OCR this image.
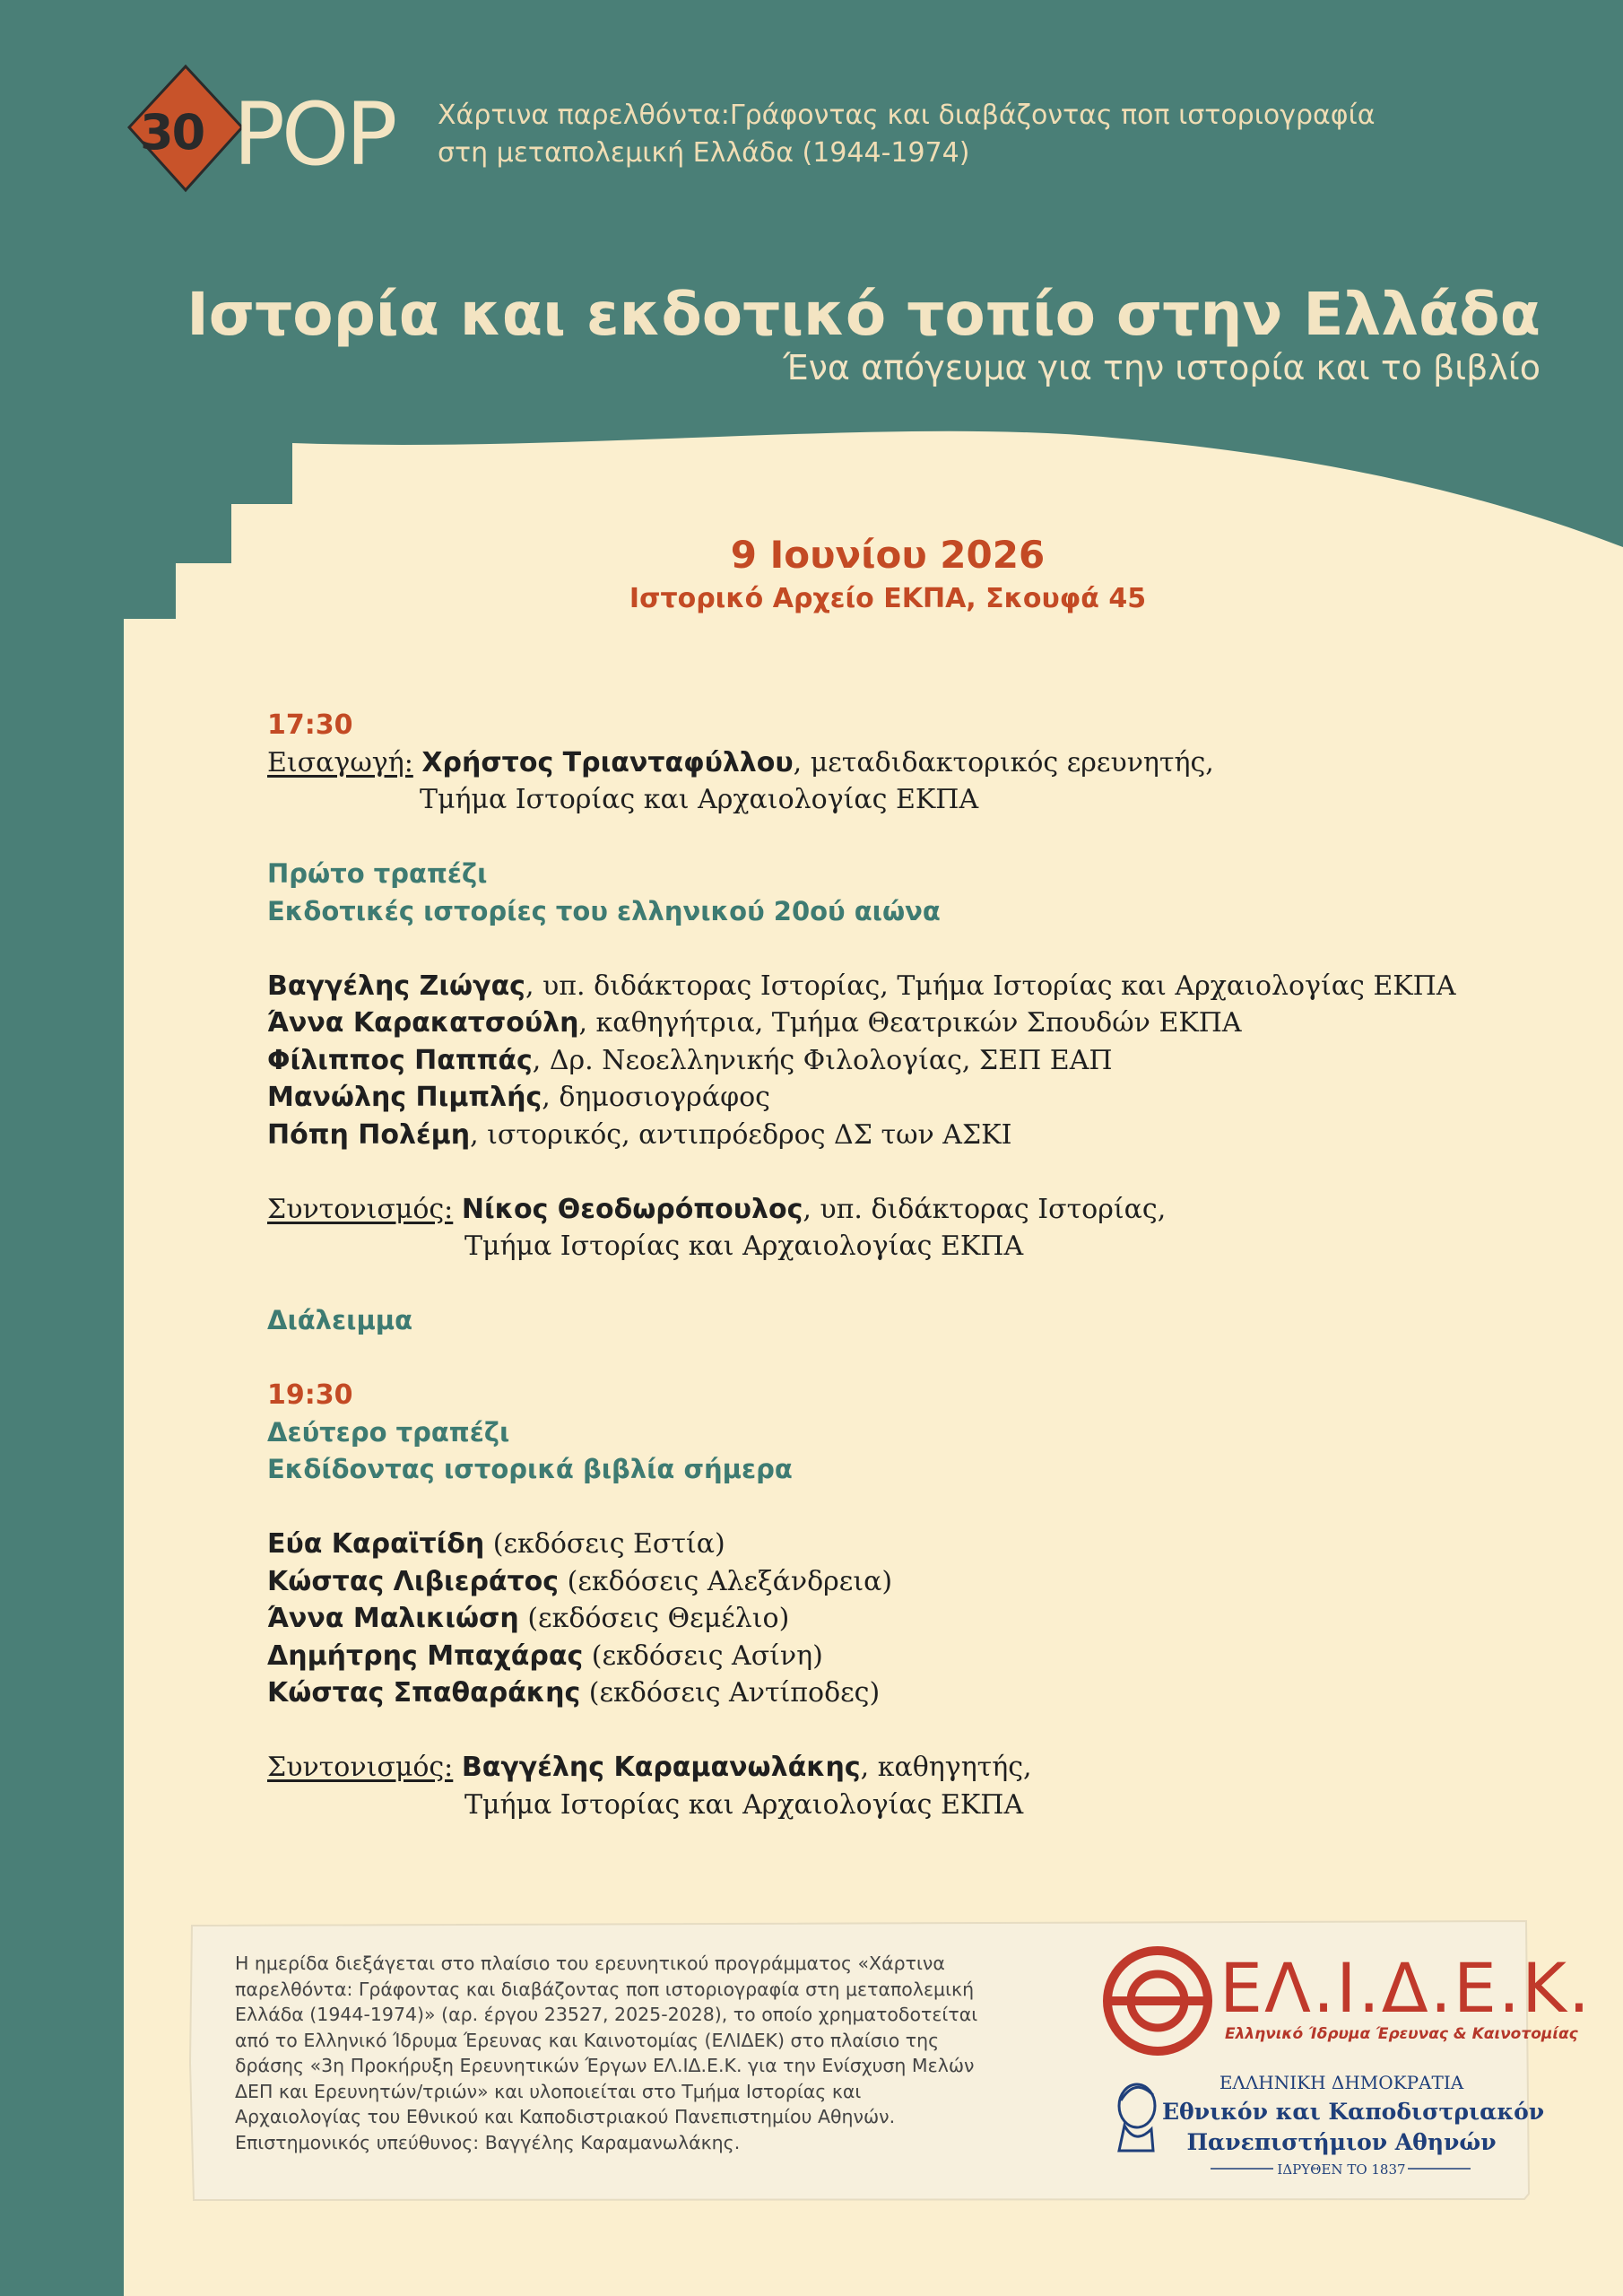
30 POP Χάρτινα παρελθόντα:Γράφοντας και διαβάζοντας ποπ ιστοριογραφία
στη μεταπολεμική Ελλάδα (1944-1974)
Ιστορία και εκδοτικό τοπίο στην Ελλάδα
Ένα απόγευμα για την ιστορία και το βιβλίο
9 Ιουνίου 2026
Ιστορικό Αρχείο ΕΚΠΑ, Σκουφά 45
17:30
Εισαγωγή: Χρήστος Τριανταφύλλου, μεταδιδακτορικός ερευνητής,
Τμήμα Ιστορίας και Αρχαιολογίας ΕΚΠΑ
Πρώτο τραπέζι
Εκδοτικές ιστορίες του ελληνικού 20ού αιώνα
Βαγγέλης Ζιώγας, υπ. διδάκτορας Ιστορίας, Τμήμα Ιστορίας και Αρχαιολογίας ΕΚΠΑ
Άννα Καρακατσούλη, καθηγήτρια, Τμήμα Θεατρικών Σπουδών ΕΚΠΑ
Φίλιππος Παππάς, Δρ. Νεοελληνικής Φιλολογίας, ΣΕΠ ΕΑΠ
Μανώλης Πιμπλής, δημοσιογράφος
Πόπη Πολέμη, ιστορικός, αντιπρόεδρος ΔΣ των ΑΣΚΙ
Συντονισμός: Νίκος Θεοδωρόπουλος, υπ. διδάκτορας Ιστορίας,
Τμήμα Ιστορίας και Αρχαιολογίας ΕΚΠΑ
Διάλειμμα
19:30
Δεύτερο τραπέζι
Εκδίδοντας ιστορικά βιβλία σήμερα
Εύα Καραϊτίδη (εκδόσεις Εστία)
Κώστας Λιβιεράτος (εκδόσεις Αλεξάνδρεια)
Άννα Μαλικιώση (εκδόσεις Θεμέλιο)
Δημήτρης Μπαχάρας (εκδόσεις Ασίνη)
Κώστας Σπαθαράκης (εκδόσεις Αντίποδες)
Συντονισμός: Βαγγέλης Καραμανωλάκης, καθηγητής,
Τμήμα Ιστορίας και Αρχαιολογίας ΕΚΠΑ
Η ημερίδα διεξάγεται στο πλαίσιο του ερευνητικού προγράμματος «Χάρτινα
παρελθόντα: Γράφοντας και διαβάζοντας ποπ ιστοριογραφία στη μεταπολεμική
Ελλάδα (1944-1974)» (αρ. έργου 23527, 2025-2028), το οποίο χρηματοδοτείται
από το Ελληνικό Ίδρυμα Έρευνας και Καινοτομίας (ΕΛΙΔΕΚ) στο πλαίσιο της
δράσης «3η Προκήρυξη Ερευνητικών Έργων ΕΛ.ΙΔ.Ε.Κ. για την Ενίσχυση Μελών
ΔΕΠ και Ερευνητών/τριών» και υλοποιείται στο Τμήμα Ιστορίας και
Αρχαιολογίας του Εθνικού και Καποδιστριακού Πανεπιστημίου Αθηνών.
Επιστημονικός υπεύθυνος: Βαγγέλης Καραμανωλάκης.
ΕΛ.Ι.Δ.Ε.Κ.
Ελληνικό Ίδρυμα Έρευνας & Καινοτομίας
ΕΛΛΗΝΙΚΗ ΔΗΜΟΚΡΑΤΙΑ
Εθνικόν και Καποδιστριακόν
Πανεπιστήμιον Αθηνών
ΙΔΡΥΘΕΝ ΤΟ 1837
